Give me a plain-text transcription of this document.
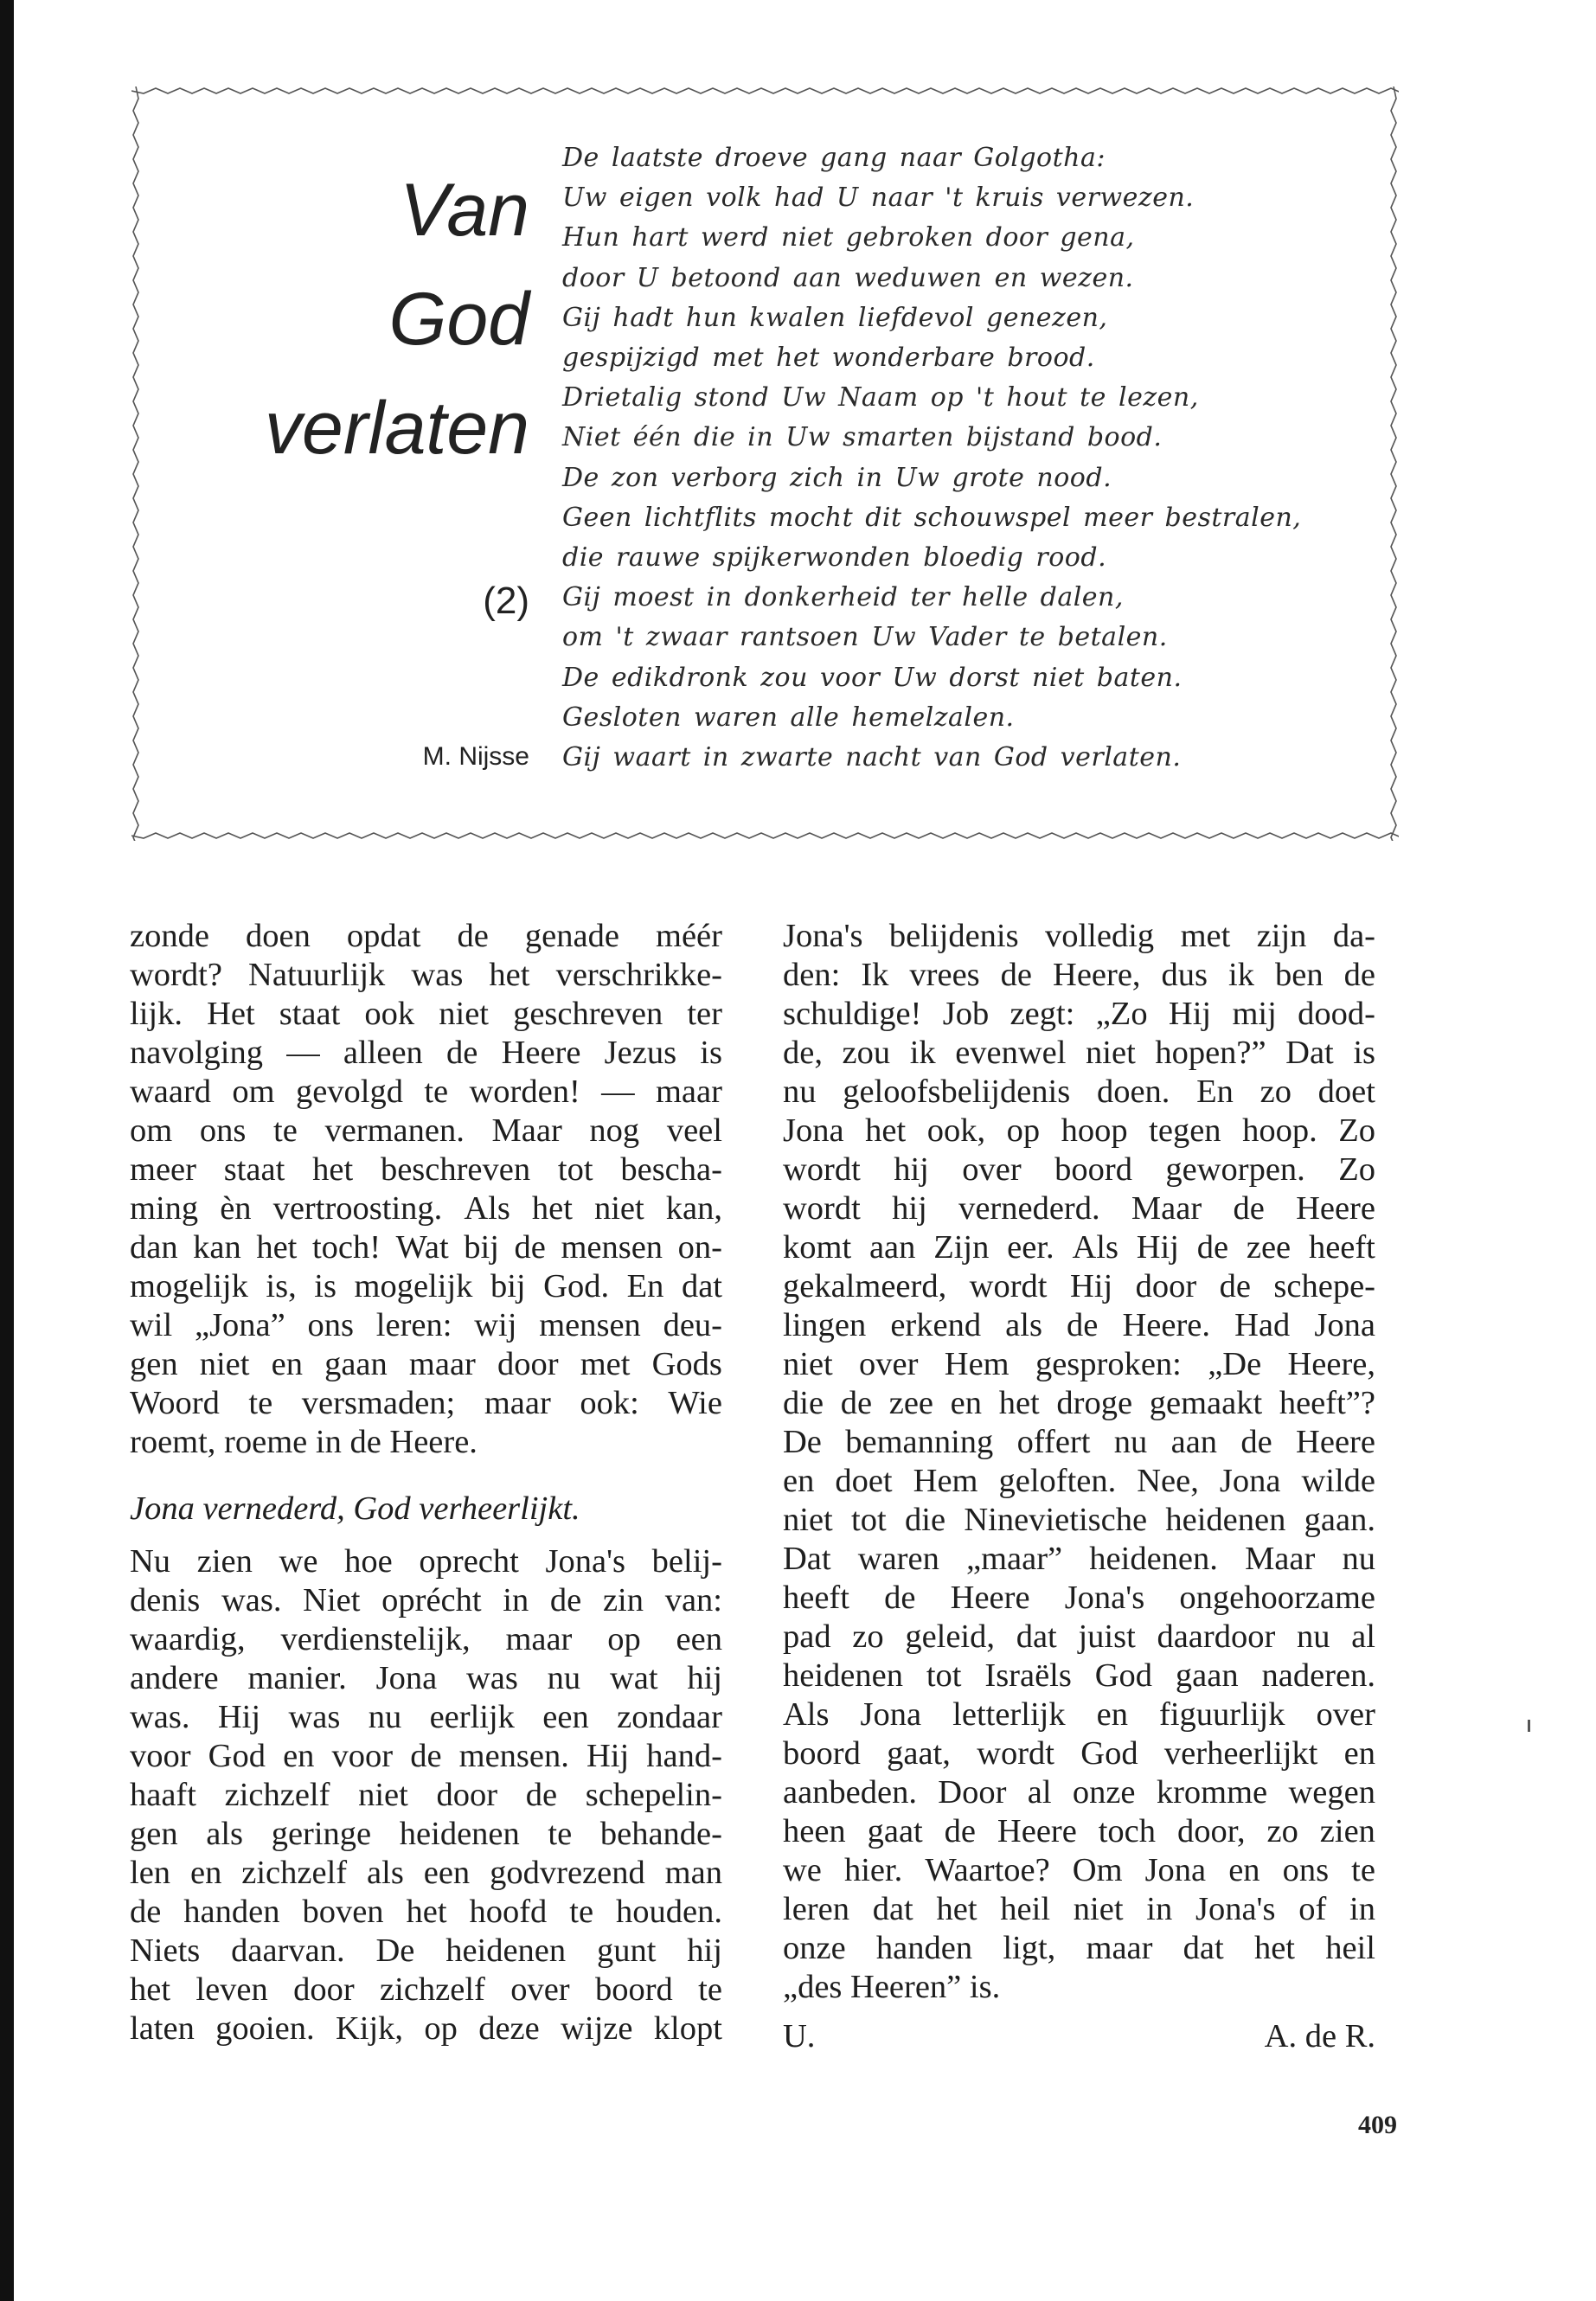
Van
God
verlaten
(2)
M. Nijsse
De laatste droeve gang naar Golgotha:
Uw eigen volk had U naar 't kruis verwezen.
Hun hart werd niet gebroken door gena,
door U betoond aan weduwen en wezen.
Gij hadt hun kwalen liefdevol genezen,
gespijzigd met het wonderbare brood.
Drietalig stond Uw Naam op 't hout te lezen,
Niet één die in Uw smarten bijstand bood.
De zon verborg zich in Uw grote nood.
Geen lichtflits mocht dit schouwspel meer bestralen,
die rauwe spijkerwonden bloedig rood.
Gij moest in donkerheid ter helle dalen,
om 't zwaar rantsoen Uw Vader te betalen.
De edikdronk zou voor Uw dorst niet baten.
Gesloten waren alle hemelzalen.
Gij waart in zwarte nacht van God verlaten.
zonde doen opdat de genade méér
wordt? Natuurlijk was het verschrikke-
lijk. Het staat ook niet geschreven ter
navolging — alleen de Heere Jezus is
waard om gevolgd te worden! — maar
om ons te vermanen. Maar nog veel
meer staat het beschreven tot bescha-
ming èn vertroosting. Als het niet kan,
dan kan het toch! Wat bij de mensen on-
mogelijk is, is mogelijk bij God. En dat
wil „Jona” ons leren: wij mensen deu-
gen niet en gaan maar door met Gods
Woord te versmaden; maar ook: Wie
roemt, roeme in de Heere.
Jona vernederd, God verheerlijkt.
Nu zien we hoe oprecht Jona's belij-
denis was. Niet oprécht in de zin van:
waardig, verdienstelijk, maar op een
andere manier. Jona was nu wat hij
was. Hij was nu eerlijk een zondaar
voor God en voor de mensen. Hij hand-
haaft zichzelf niet door de schepelin-
gen als geringe heidenen te behande-
len en zichzelf als een godvrezend man
de handen boven het hoofd te houden.
Niets daarvan. De heidenen gunt hij
het leven door zichzelf over boord te
laten gooien. Kijk, op deze wijze klopt
Jona's belijdenis volledig met zijn da-
den: Ik vrees de Heere, dus ik ben de
schuldige! Job zegt: „Zo Hij mij dood-
de, zou ik evenwel niet hopen?” Dat is
nu geloofsbelijdenis doen. En zo doet
Jona het ook, op hoop tegen hoop. Zo
wordt hij over boord geworpen. Zo
wordt hij vernederd. Maar de Heere
komt aan Zijn eer. Als Hij de zee heeft
gekalmeerd, wordt Hij door de schepe-
lingen erkend als de Heere. Had Jona
niet over Hem gesproken: „De Heere,
die de zee en het droge gemaakt heeft”?
De bemanning offert nu aan de Heere
en doet Hem geloften. Nee, Jona wilde
niet tot die Ninevietische heidenen gaan.
Dat waren „maar” heidenen. Maar nu
heeft de Heere Jona's ongehoorzame
pad zo geleid, dat juist daardoor nu al
heidenen tot Israëls God gaan naderen.
Als Jona letterlijk en figuurlijk over
boord gaat, wordt God verheerlijkt en
aanbeden. Door al onze kromme wegen
heen gaat de Heere toch door, zo zien
we hier. Waartoe? Om Jona en ons te
leren dat het heil niet in Jona's of in
onze handen ligt, maar dat het heil
„des Heeren” is.
U.	A. de R.
409
